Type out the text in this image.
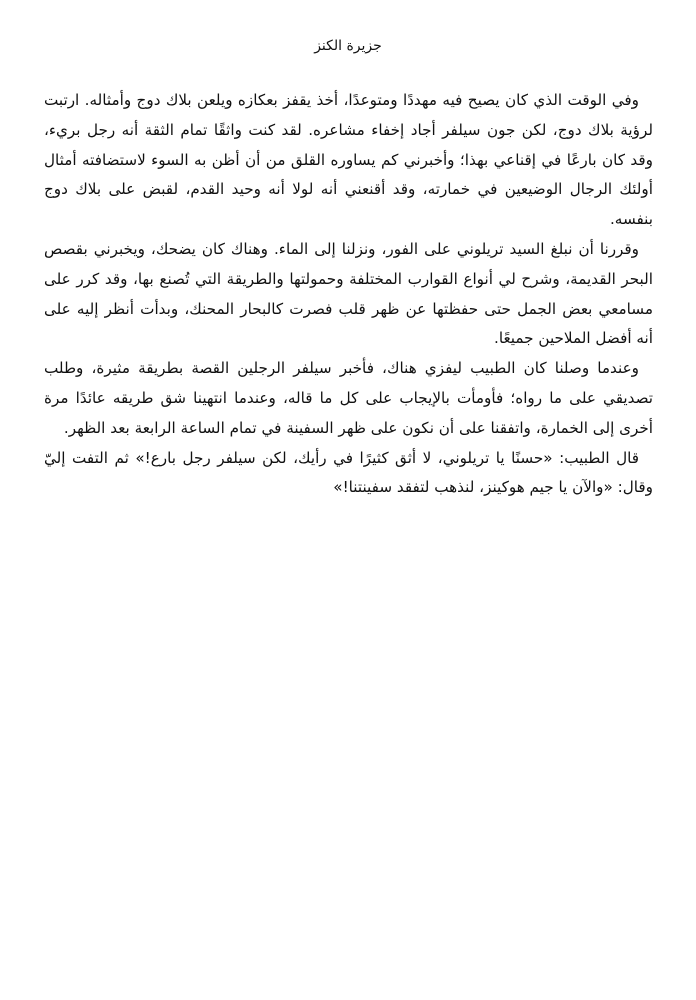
جزيرة الكنز

وفي الوقت الذي كان يصيح فيه مهددًا ومتوعدًا، أخذ يقفز بعكازه ويلعن بلاك دوج وأمثاله. ارتبت لرؤية بلاك دوج، لكن جون سيلفر أجاد إخفاء مشاعره. لقد كنت واثقًا تمام الثقة أنه رجل بريء، وقد كان بارعًا في إقناعي بهذا؛ وأخبرني كم يساوره القلق من أن أظن به السوء لاستضافته أمثال أولئك الرجال الوضيعين في خمارته، وقد أقنعني أنه لولا أنه وحيد القدم، لقبض على بلاك دوج بنفسه.

وقررنا أن نبلغ السيد تريلوني على الفور، ونزلنا إلى الماء. وهناك كان يضحك، ويخبرني بقصص البحر القديمة، وشرح لي أنواع القوارب المختلفة وحمولتها والطريقة التي تُصنع بها، وقد كرر على مسامعي بعض الجمل حتى حفظتها عن ظهر قلب فصرت كالبحار المحنك، وبدأت أنظر إليه على أنه أفضل الملاحين جميعًا.

وعندما وصلنا كان الطبيب ليفزي هناك، فأخبر سيلفر الرجلين القصة بطريقة مثيرة، وطلب تصديقي على ما رواه؛ فأومأت بالإيجاب على كل ما قاله، وعندما انتهينا شق طريقه عائدًا مرة أخرى إلى الخمارة، واتفقنا على أن نكون على ظهر السفينة في تمام الساعة الرابعة بعد الظهر.

قال الطبيب: «حسنًا يا تريلوني، لا أثق كثيرًا في رأيك، لكن سيلفر رجل بارع!» ثم التفت إليّ وقال: «والآن يا جيم هوكينز، لنذهب لتفقد سفينتنا!»
